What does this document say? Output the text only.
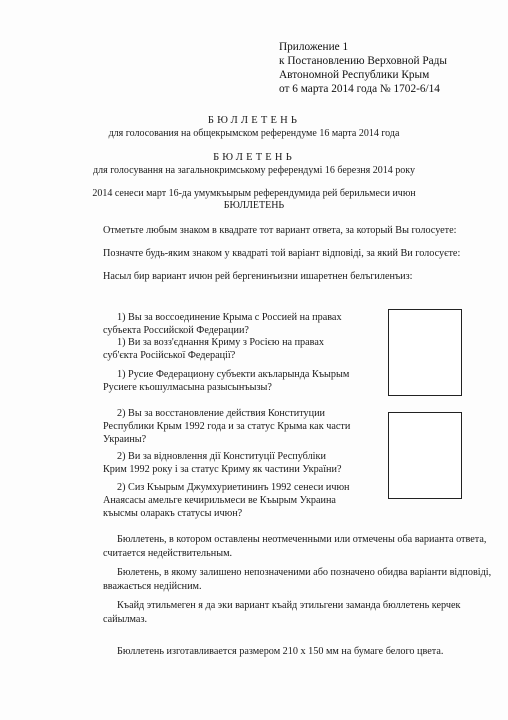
Приложение 1
к Постановлению Верховной Рады
Автономной Республики Крым
от 6 марта 2014 года № 1702-6/14
БЮЛЛЕТЕНЬ
для голосования на общекрымском референдуме 16 марта 2014 года
БЮЛЕТЕНЬ
для голосування на загальнокримському референдумі 16 березня 2014 року
2014 сенеси март 16-да умумкъырым референдумида рей берильмеси ичюн
БЮЛЛЕТЕНЬ
Отметьте любым знаком в квадрате тот вариант ответа, за который Вы голосуете:
Позначте будь-яким знаком у квадраті той варіант відповіді, за який Ви голосуєте:
Насыл бир вариант ичюн рей бергенинъизни ишаретнен белъгиленъиз:
1) Вы за воссоединение Крыма с Россией на правах
субъекта Российской Федерации?
1) Ви за возз'єднання Криму з Росією на правах
суб'єкта Російської Федерації?
1) Русие Федерациону субъекти акъларында Къырым
Русиеге къошулмасына разысынъызы?
2) Вы за восстановление действия Конституции
Республики Крым 1992 года и за статус Крыма как части
Украины?
2) Ви за відновлення дії Конституції Республіки
Крим 1992 року і за статус Криму як частини України?
2) Сиз Къырым Джумхуриетининъ 1992 сенеси ичюн
Анаясасы амельге кечирильмеси ве Къырым Украина
къысмы оларакъ статусы ичюн?
Бюллетень, в котором оставлены неотмеченными или отмечены оба варианта ответа,
считается недействительным.
Бюлетень, в якому залишено непозначеними або позначено обидва варіанти відповіді,
вважається недійсним.
Къайд этильмеген я да эки вариант къайд этильгени заманда бюллетень керчек
сайылмаз.
Бюллетень изготавливается размером 210 х 150 мм на бумаге белого цвета.
